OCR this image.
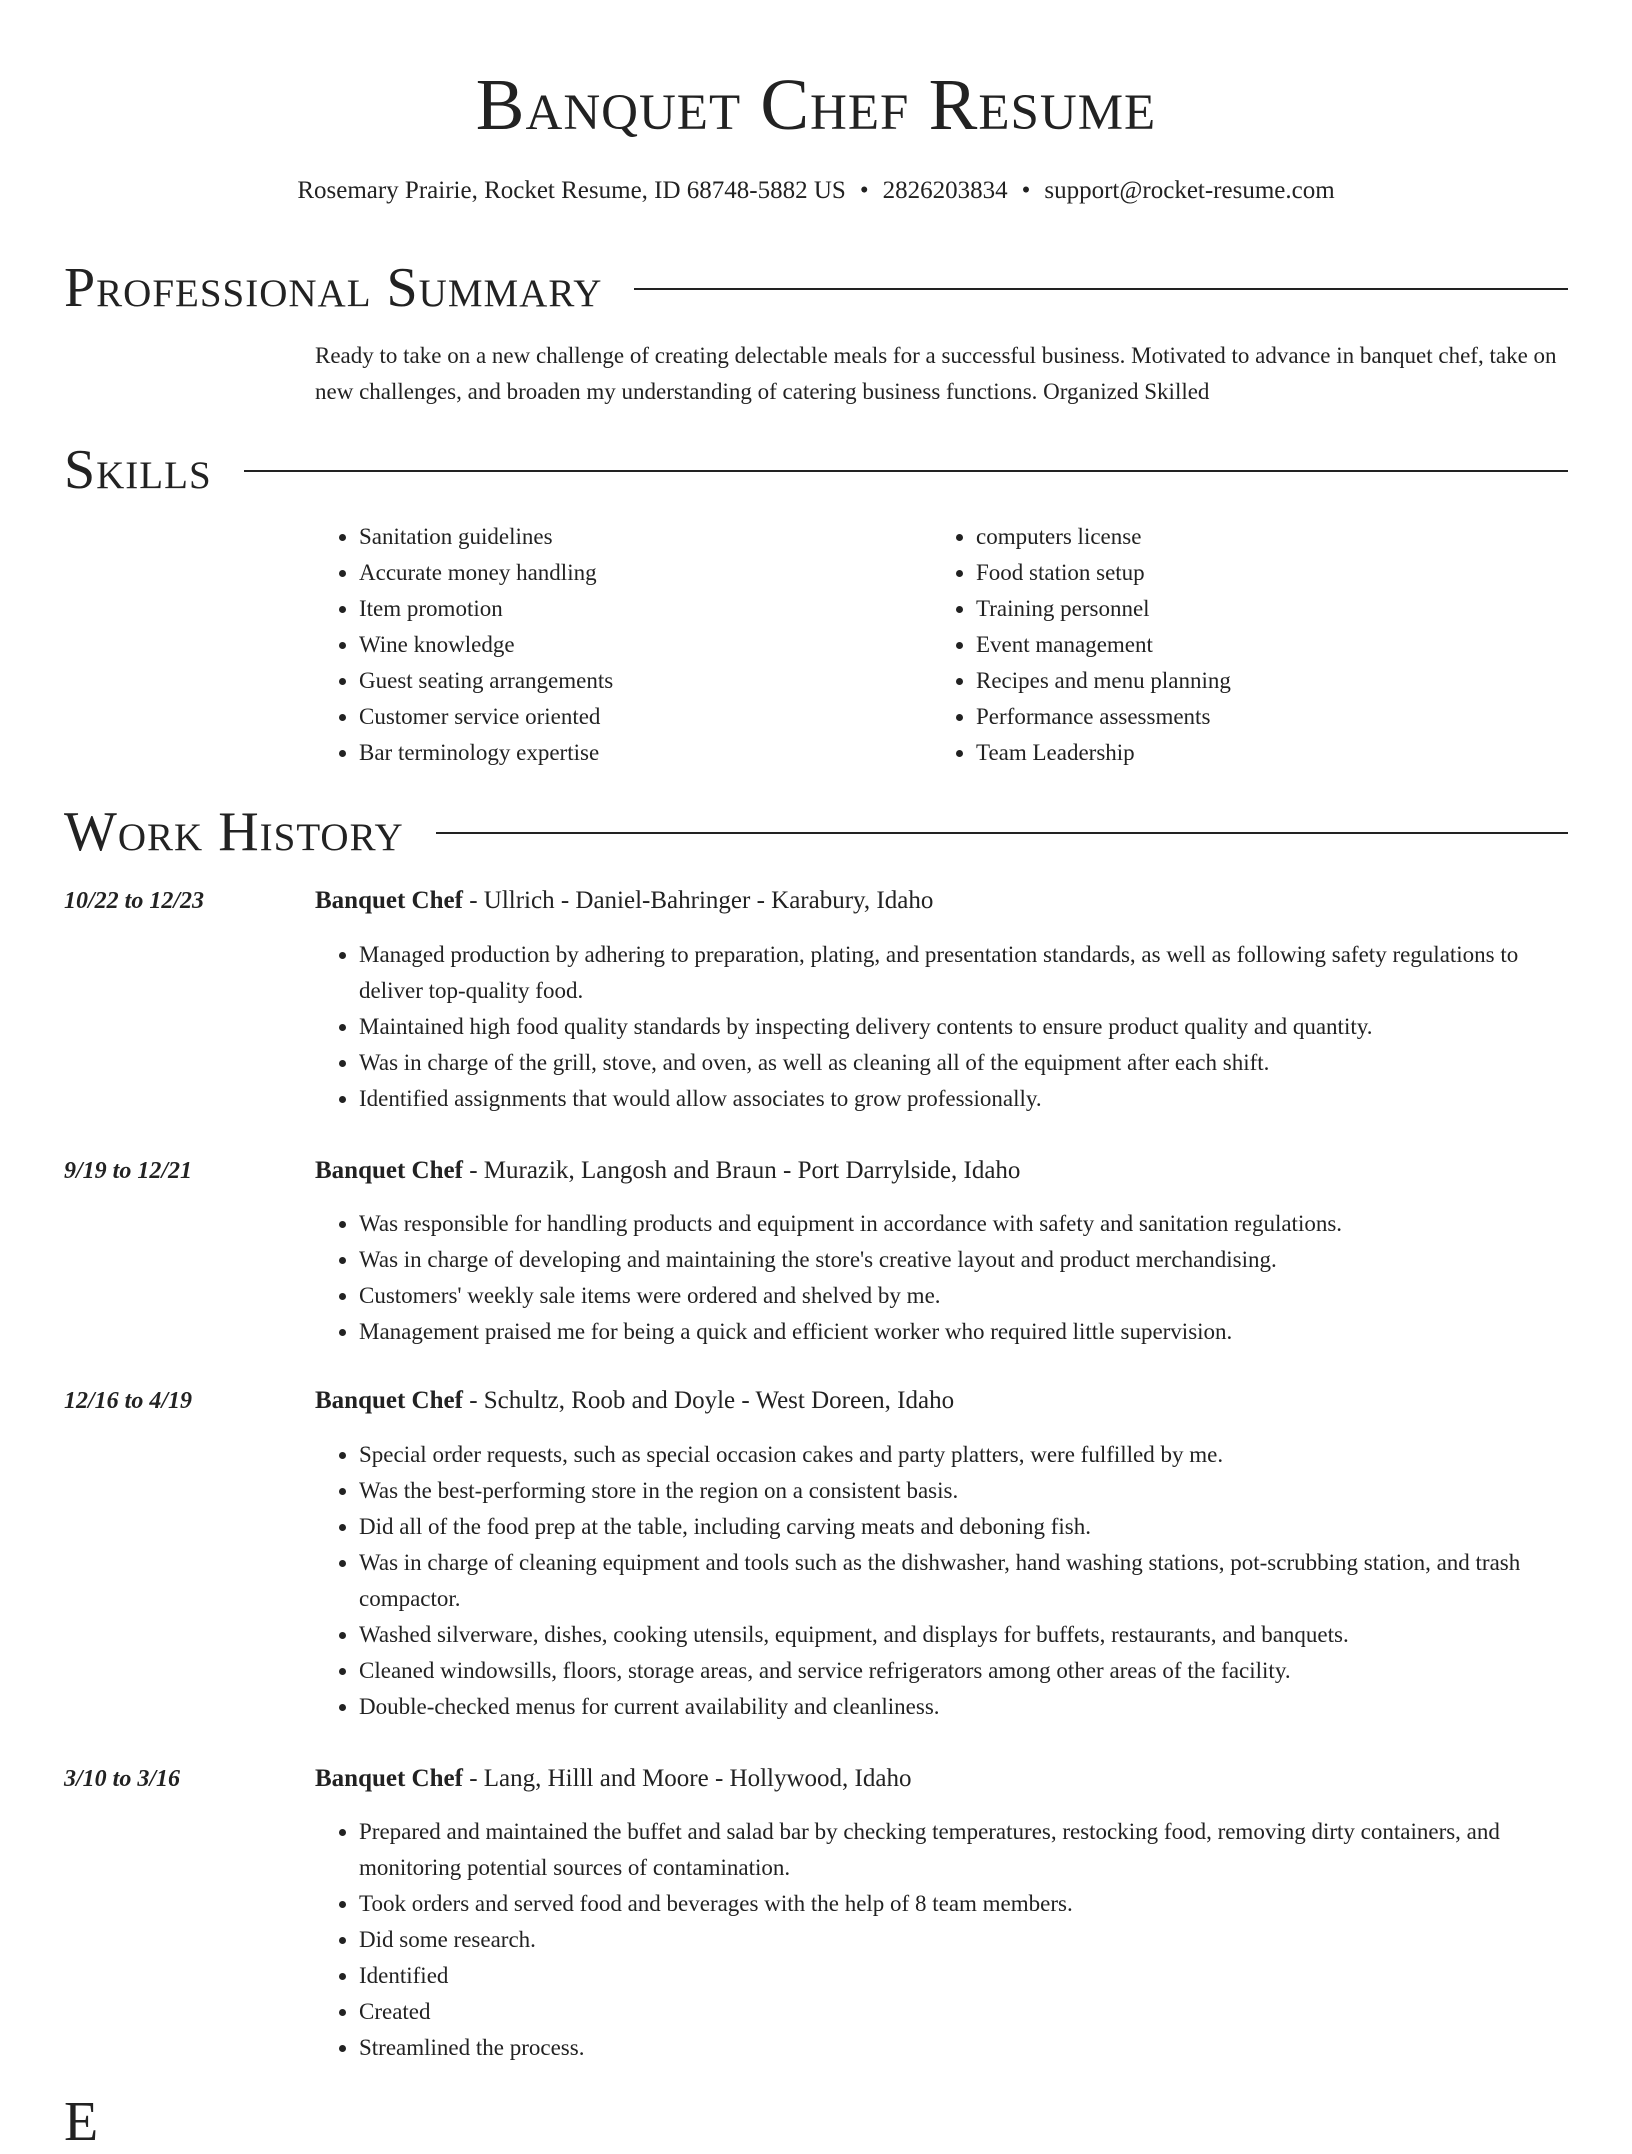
Banquet Chef Resume
Rosemary Prairie, Rocket Resume, ID 68748-5882 US • 2826203834 • support@rocket-resume.com
Professional Summary

Ready to take on a new challenge of creating delectable meals for a successful business. Motivated to advance in banquet chef, take on new challenges, and broaden my understanding of catering business functions. Organized Skilled

Skills
• Sanitation guidelines
• Accurate money handling
• Item promotion
• Wine knowledge
• Guest seating arrangements
• Customer service oriented
• Bar terminology expertise
• computers license
• Food station setup
• Training personnel
• Event management
• Recipes and menu planning
• Performance assessments
• Team Leadership
Work History
10/22 to 12/23	Banquet Chef - Ullrich - Daniel-Bahringer - Karabury, Idaho
• Managed production by adhering to preparation, plating, and presentation standards, as well as following safety regulations to deliver top-quality food.
• Maintained high food quality standards by inspecting delivery contents to ensure product quality and quantity.
• Was in charge of the grill, stove, and oven, as well as cleaning all of the equipment after each shift.
• Identified assignments that would allow associates to grow professionally.
9/19 to 12/21	Banquet Chef - Murazik, Langosh and Braun - Port Darrylside, Idaho
• Was responsible for handling products and equipment in accordance with safety and sanitation regulations.
• Was in charge of developing and maintaining the store's creative layout and product merchandising.
• Customers' weekly sale items were ordered and shelved by me.
• Management praised me for being a quick and efficient worker who required little supervision.
12/16 to 4/19	Banquet Chef - Schultz, Roob and Doyle - West Doreen, Idaho
• Special order requests, such as special occasion cakes and party platters, were fulfilled by me.
• Was the best-performing store in the region on a consistent basis.
• Did all of the food prep at the table, including carving meats and deboning fish.
• Was in charge of cleaning equipment and tools such as the dishwasher, hand washing stations, pot-scrubbing station, and trash compactor.
• Washed silverware, dishes, cooking utensils, equipment, and displays for buffets, restaurants, and banquets.
• Cleaned windowsills, floors, storage areas, and service refrigerators among other areas of the facility.
• Double-checked menus for current availability and cleanliness.
3/10 to 3/16	Banquet Chef - Lang, Hilll and Moore - Hollywood, Idaho
• Prepared and maintained the buffet and salad bar by checking temperatures, restocking food, removing dirty containers, and monitoring potential sources of contamination.
• Took orders and served food and beverages with the help of 8 team members.
• Did some research.
• Identified
• Created
• Streamlined the process.
E
